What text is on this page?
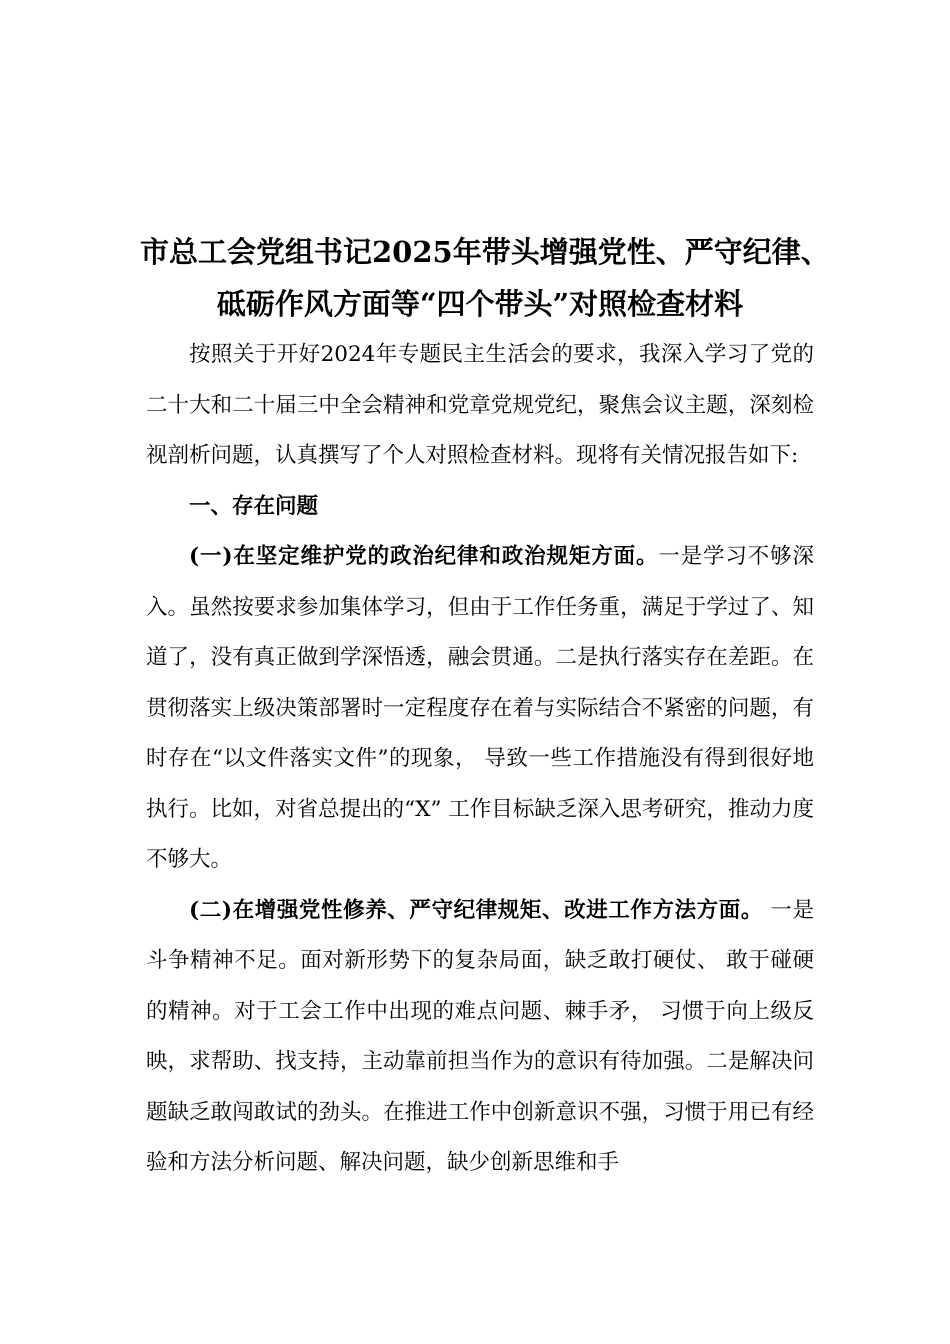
市总工会党组书记2025年带头增强党性、严守纪律、
砥砺作风方面等“四个带头”对照检查材料

按照关于开好2024年专题民主生活会的要求，我深入学习了党的二十大和二十届三中全会精神和党章党规党纪，聚焦会议主题，深刻检视剖析问题，认真撰写了个人对照检查材料。现将有关情况报告如下:

一、存在问题

(一)在坚定维护党的政治纪律和政治规矩方面。一是学习不够深入。虽然按要求参加集体学习，但由于工作任务重，满足于学过了、知道了，没有真正做到学深悟透，融会贯通。二是执行落实存在差距。在贯彻落实上级决策部署时一定程度存在着与实际结合不紧密的问题，有时存在“以文件落实文件”的现象， 导致一些工作措施没有得到很好地执行。比如，对省总提出的“X” 工作目标缺乏深入思考研究，推动力度不够大。

(二)在增强党性修养、严守纪律规矩、改进工作方法方面。 一是斗争精神不足。面对新形势下的复杂局面，缺乏敢打硬仗、 敢于碰硬的精神。对于工会工作中出现的难点问题、棘手矛， 习惯于向上级反映，求帮助、找支持，主动靠前担当作为的意识有待加强。二是解决问题缺乏敢闯敢试的劲头。在推进工作中创新意识不强，习惯于用已有经验和方法分析问题、解决问题，缺少创新思维和手
